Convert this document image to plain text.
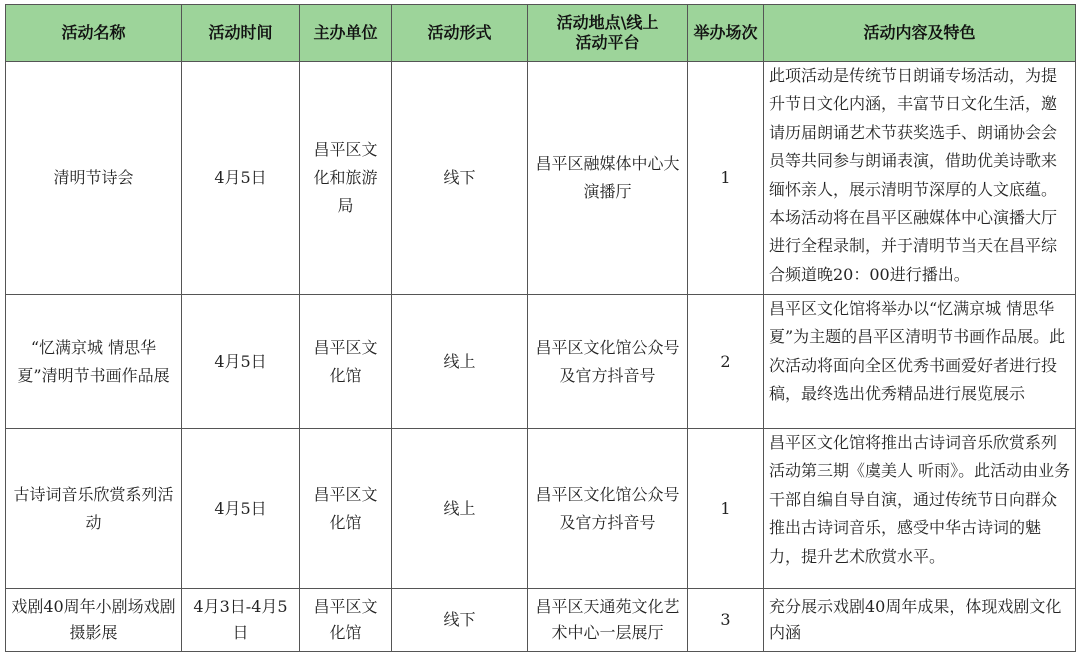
活动名称	活动时间	主办单位	活动形式	活动地点\线上活动平台	举办场次	活动内容及特色
清明节诗会	4月5日	昌平区文化和旅游局	线下	昌平区融媒体中心大演播厅	1	此项活动是传统节日朗诵专场活动，为提升节日文化内涵，丰富节日文化生活，邀请历届朗诵艺术节获奖选手、朗诵协会会员等共同参与朗诵表演，借助优美诗歌来缅怀亲人，展示清明节深厚的人文底蕴。本场活动将在昌平区融媒体中心演播大厅进行全程录制，并于清明节当天在昌平综合频道晚20：00进行播出。
“忆满京城 情思华夏”清明节书画作品展	4月5日	昌平区文化馆	线上	昌平区文化馆公众号及官方抖音号	2	昌平区文化馆将举办以“忆满京城 情思华夏”为主题的昌平区清明节书画作品展。此次活动将面向全区优秀书画爱好者进行投稿，最终选出优秀精品进行展览展示
古诗词音乐欣赏系列活动	4月5日	昌平区文化馆	线上	昌平区文化馆公众号及官方抖音号	1	昌平区文化馆将推出古诗词音乐欣赏系列活动第三期《虞美人 听雨》。此活动由业务干部自编自导自演，通过传统节日向群众推出古诗词音乐，感受中华古诗词的魅力，提升艺术欣赏水平。
戏剧40周年小剧场戏剧摄影展	4月3日-4月5日	昌平区文化馆	线下	昌平区天通苑文化艺术中心一层展厅	3	充分展示戏剧40周年成果，体现戏剧文化内涵
